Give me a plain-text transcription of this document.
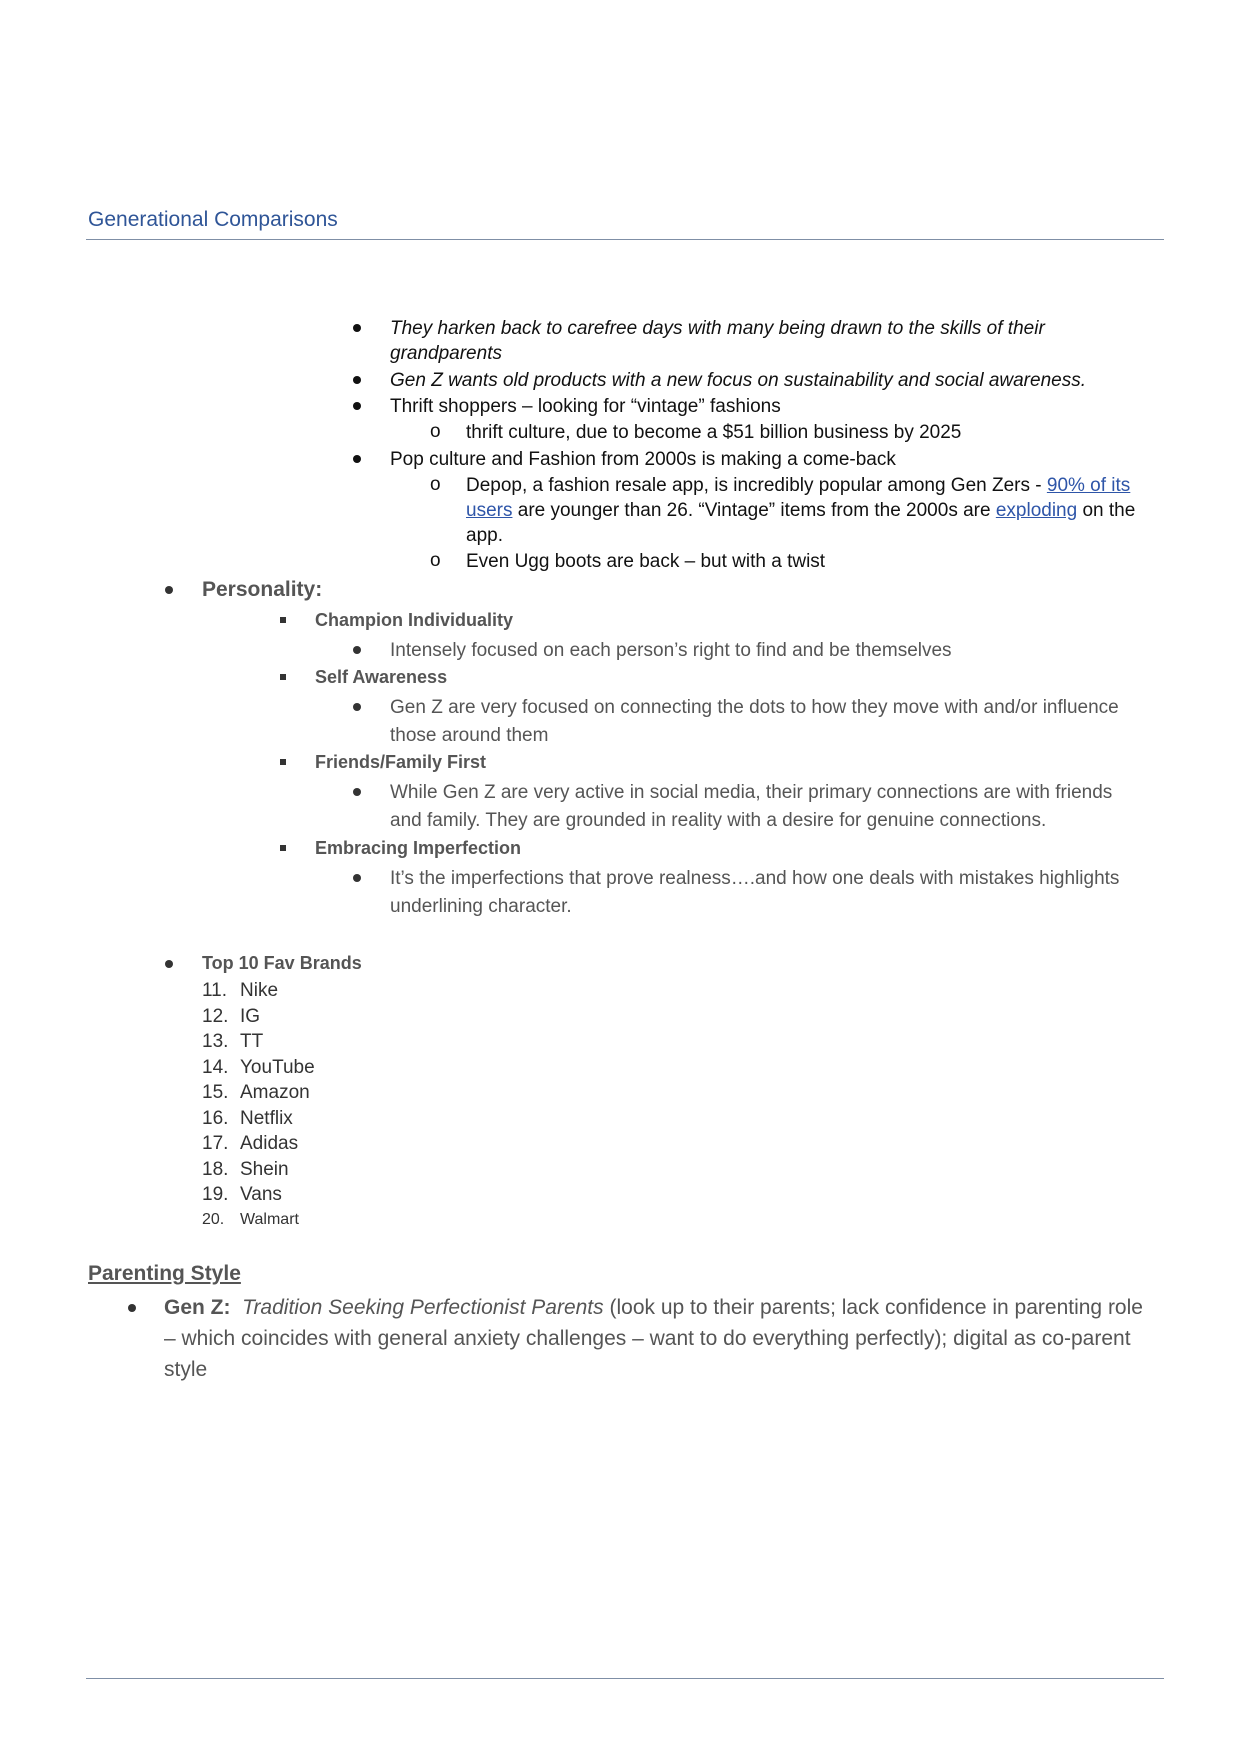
Generational Comparisons
They harken back to carefree days with many being drawn to the skills of their
grandparents
Gen Z wants old products with a new focus on sustainability and social awareness.
Thrift shoppers – looking for “vintage” fashions
o thrift culture, due to become a $51 billion business by 2025
Pop culture and Fashion from 2000s is making a come-back
o Depop, a fashion resale app, is incredibly popular among Gen Zers - 90% of its
users are younger than 26. “Vintage” items from the 2000s are exploding on the
app.
o Even Ugg boots are back – but with a twist
Personality:
Champion Individuality
Intensely focused on each person’s right to find and be themselves
Self Awareness
Gen Z are very focused on connecting the dots to how they move with and/or influence
those around them
Friends/Family First
While Gen Z are very active in social media, their primary connections are with friends
and family. They are grounded in reality with a desire for genuine connections.
Embracing Imperfection
It’s the imperfections that prove realness….and how one deals with mistakes highlights
underlining character.
Top 10 Fav Brands
11. Nike
12. IG
13. TT
14. YouTube
15. Amazon
16. Netflix
17. Adidas
18. Shein
19. Vans
20. Walmart
Parenting Style
Gen Z: Tradition Seeking Perfectionist Parents (look up to their parents; lack confidence in parenting role
– which coincides with general anxiety challenges – want to do everything perfectly); digital as co-parent
style
